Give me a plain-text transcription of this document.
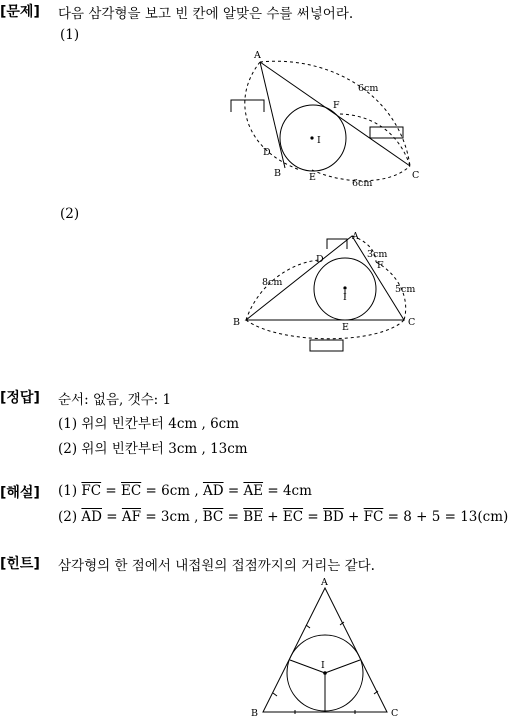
[문제] 다음 삼각형을 보고 빈 칸에 알맞은 수를 써넣어라.
(1)
A
B	C
D
E
F
I
6cm
6cm
(2)
A
B	C
D
E
F
I
3cm
8cm
5cm
[정답] 순서: 없음, 갯수: 1
(1) 위의 빈칸부터 4cm , 6cm
(2) 위의 빈칸부터 3cm , 13cm
[해설] (1) $\overline{FC} = \overline{EC} = 6cm$ , $\overline{AD} = \overline{AE} = 4cm$
(2) $\overline{AD} = \overline{AF} = 3cm$ , $\overline{BC} = \overline{BE} + \overline{EC} = \overline{BD} + \overline{FC} = 8 + 5 = 13(cm)$
[힌트] 삼각형의 한 점에서 내접원의 접점까지의 거리는 같다.
A
B	C
I
